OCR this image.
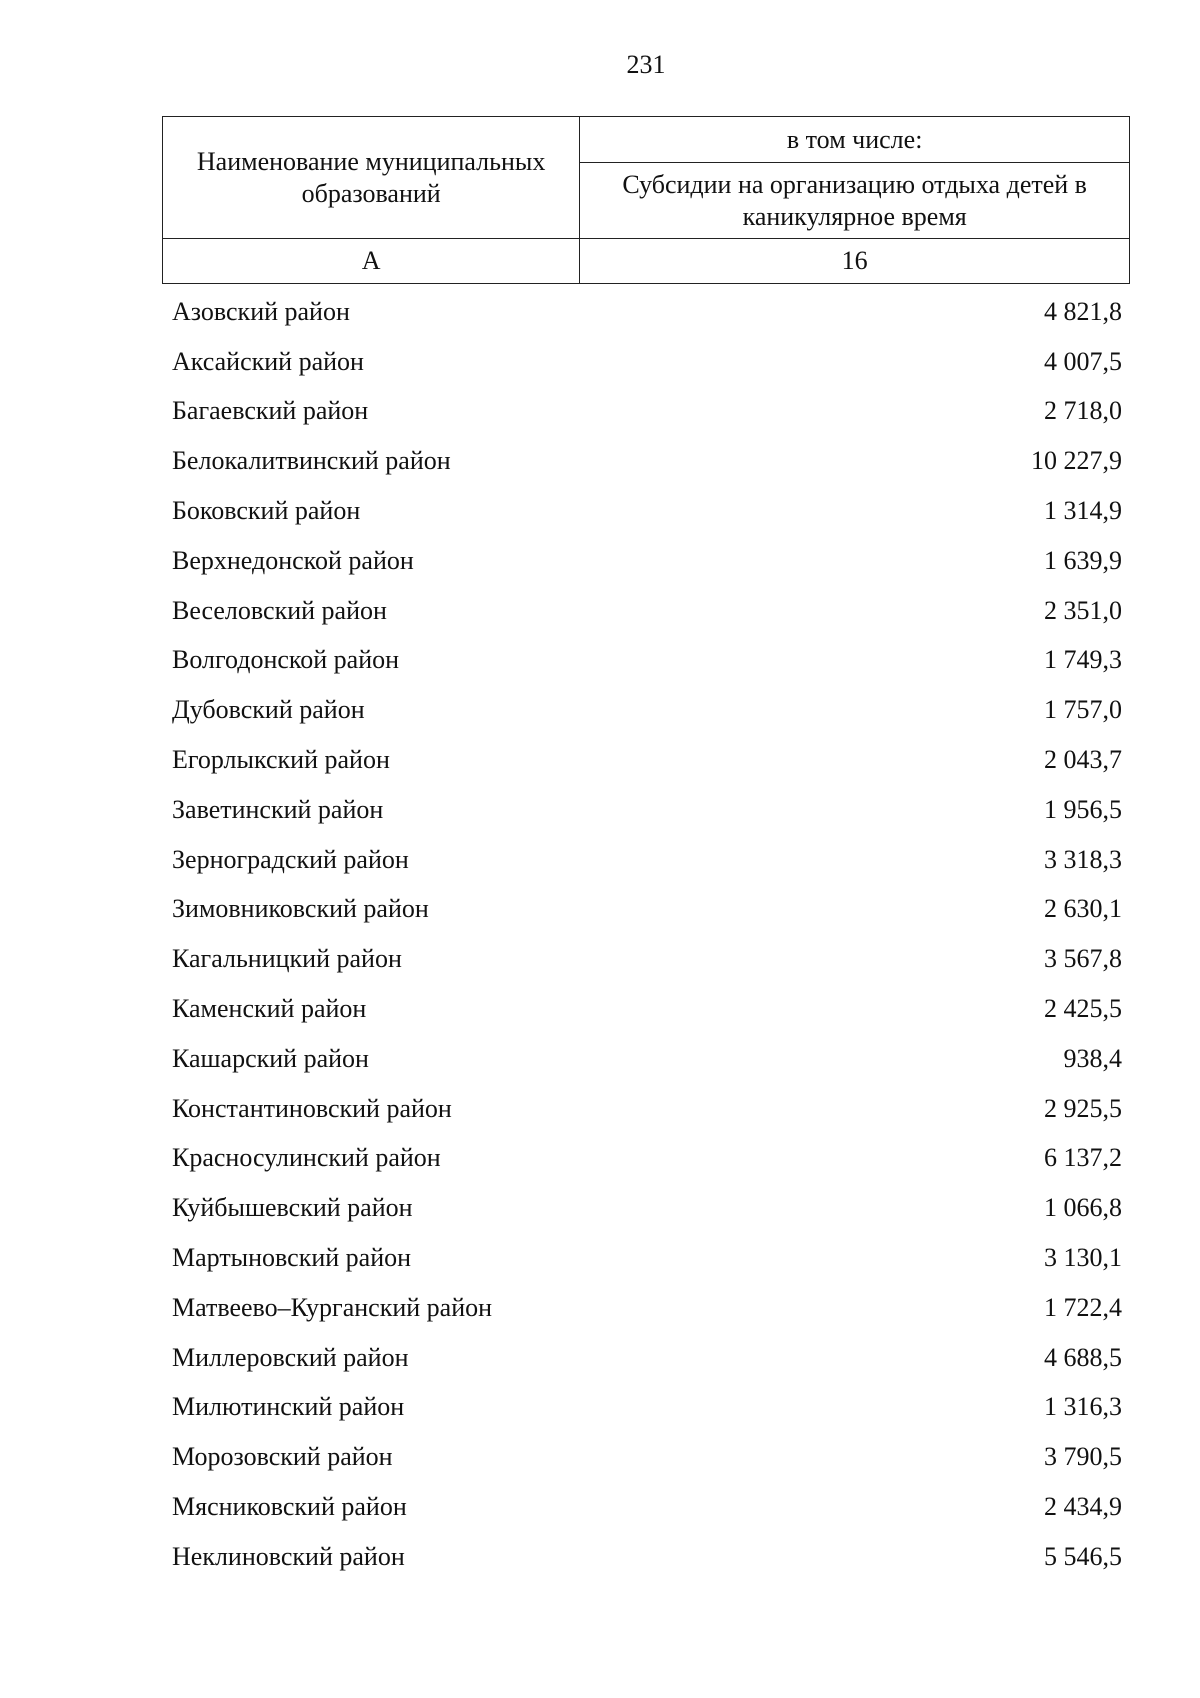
231
Наименование муниципальных образований	в том числе:
	Субсидии на организацию отдыха детей в каникулярное время
А	16
Азовский район	4 821,8
Аксайский район	4 007,5
Багаевский район	2 718,0
Белокалитвинский район	10 227,9
Боковский район	1 314,9
Верхнедонской район	1 639,9
Веселовский район	2 351,0
Волгодонской район	1 749,3
Дубовский район	1 757,0
Егорлыкский район	2 043,7
Заветинский район	1 956,5
Зерноградский район	3 318,3
Зимовниковский район	2 630,1
Кагальницкий район	3 567,8
Каменский район	2 425,5
Кашарский район	938,4
Константиновский район	2 925,5
Красносулинский район	6 137,2
Куйбышевский район	1 066,8
Мартыновский район	3 130,1
Матвеево–Курганский район	1 722,4
Миллеровский район	4 688,5
Милютинский район	1 316,3
Морозовский район	3 790,5
Мясниковский район	2 434,9
Неклиновский район	5 546,5
